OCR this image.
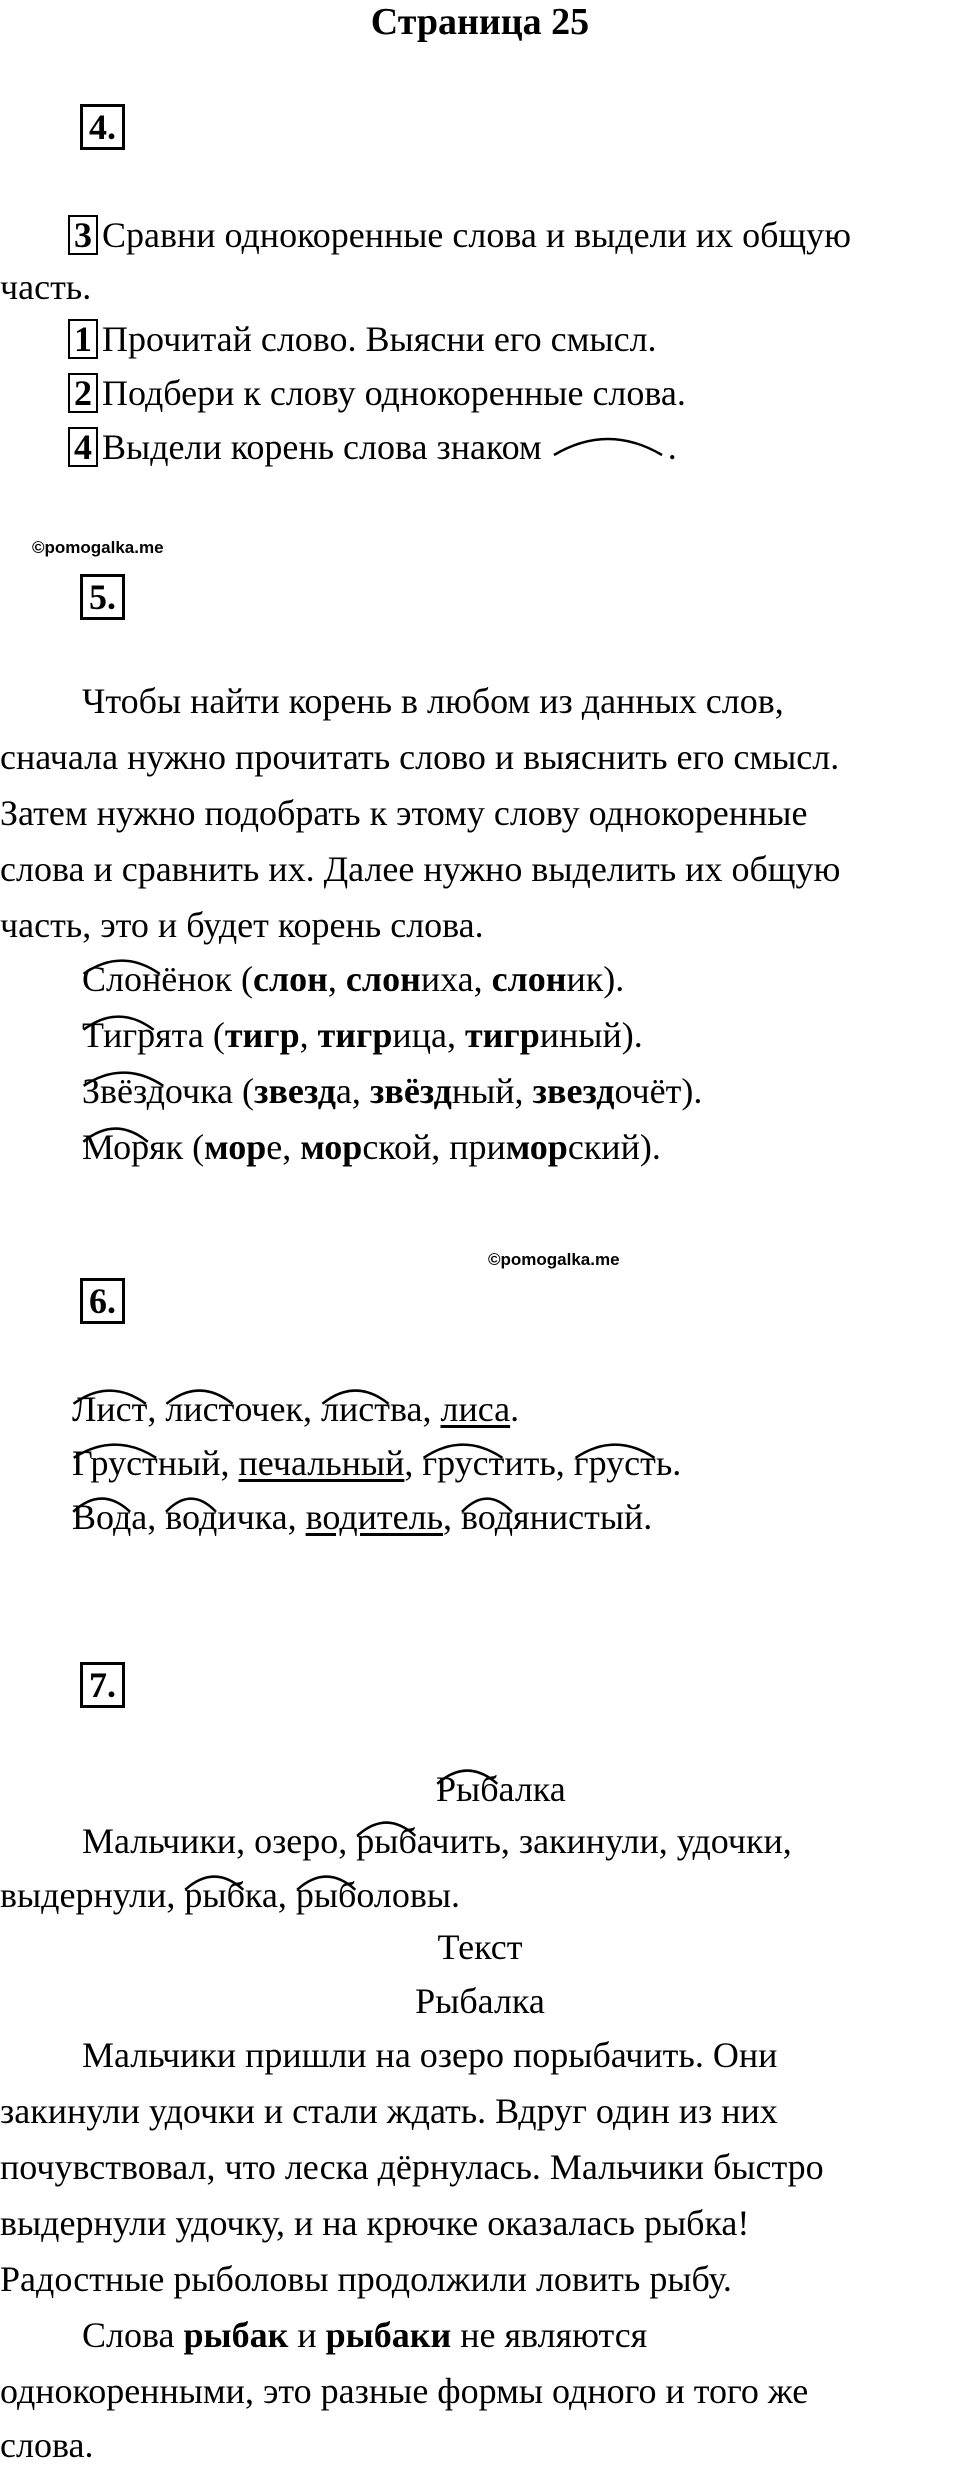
Страница 25
4.
3 Сравни однокоренные слова и выдели их общую
часть.
1 Прочитай слово. Выясни его смысл.
2 Подбери к слову однокоренные слова.
4 Выдели корень слова знаком	.
©pomogalka.me
5.
Чтобы найти корень в любом из данных слов,
сначала нужно прочитать слово и выяснить его смысл.
Затем нужно подобрать к этому слову однокоренные
слова и сравнить их. Далее нужно выделить их общую
часть, это и будет корень слова.
Слонёнок (слон, слониха, слоник).
Тигрята (тигр, тигрица, тигриный).
Звёздочка (звезда, звёздный, звездочёт).
Моряк (море, морской, приморский).
©pomogalka.me
6.
Лист,
листочек,
листва, лиса.
Грустный, печальный,
грустить,
грусть.
Вода,
водичка, водитель,
водянистый.
7.
Рыбалка
Мальчики, озеро,
рыбачить, закинули, удочки,
выдернули,
рыбка,
рыболовы.
Текст
Рыбалка
Мальчики пришли на озеро порыбачить. Они
закинули удочки и стали ждать. Вдруг один из них
почувствовал, что леска дёрнулась. Мальчики быстро
выдернули удочку, и на крючке оказалась рыбка!
Радостные рыболовы продолжили ловить рыбу.
Слова рыбак и рыбаки не являются
однокоренными, это разные формы одного и того же
слова.
